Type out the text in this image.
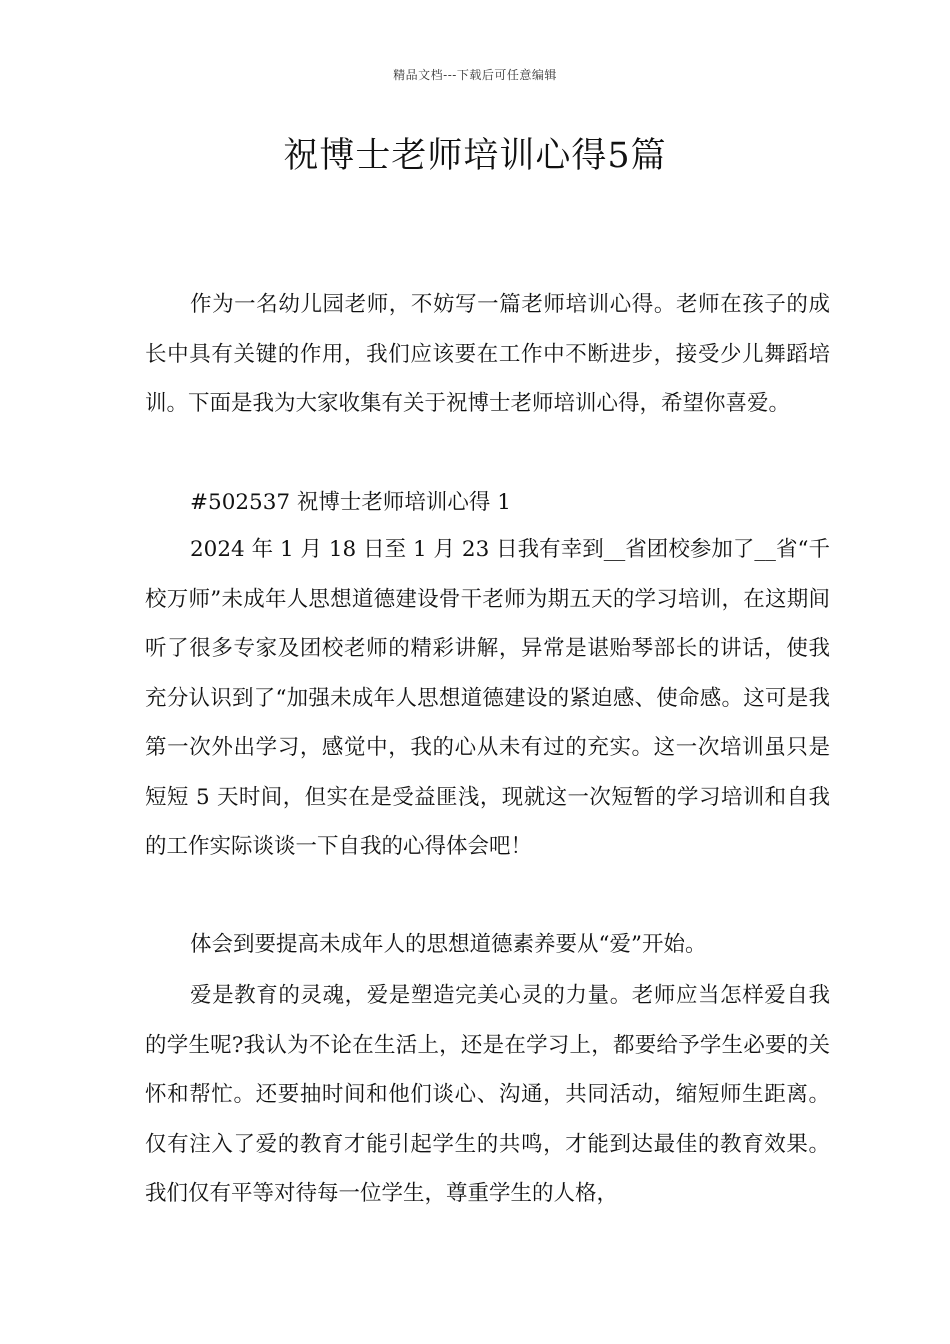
精品文档---下载后可任意编辑
祝博士老师培训心得5篇

作为一名幼儿园老师，不妨写一篇老师培训心得。老师在孩子的成长中具有关键的作用，我们应该要在工作中不断进步，接受少儿舞蹈培训。下面是我为大家收集有关于祝博士老师培训心得，希望你喜爱。

#502537 祝博士老师培训心得 1

2024 年 1 月 18 日至 1 月 23 日我有幸到__省团校参加了__省“千校万师”未成年人思想道德建设骨干老师为期五天的学习培训，在这期间听了很多专家及团校老师的精彩讲解，异常是谌贻琴部长的讲话，使我充分认识到了“加强未成年人思想道德建设的紧迫感、使命感。这可是我第一次外出学习，感觉中，我的心从未有过的充实。这一次培训虽只是短短 5 天时间，但实在是受益匪浅，现就这一次短暂的学习培训和自我的工作实际谈谈一下自我的心得体会吧！

体会到要提高未成年人的思想道德素养要从“爱”开始。

爱是教育的灵魂，爱是塑造完美心灵的力量。老师应当怎样爱自我的学生呢?我认为不论在生活上，还是在学习上，都要给予学生必要的关怀和帮忙。还要抽时间和他们谈心、沟通，共同活动，缩短师生距离。仅有注入了爱的教育才能引起学生的共鸣，才能到达最佳的教育效果。我们仅有平等对待每一位学生，尊重学生的人格，
